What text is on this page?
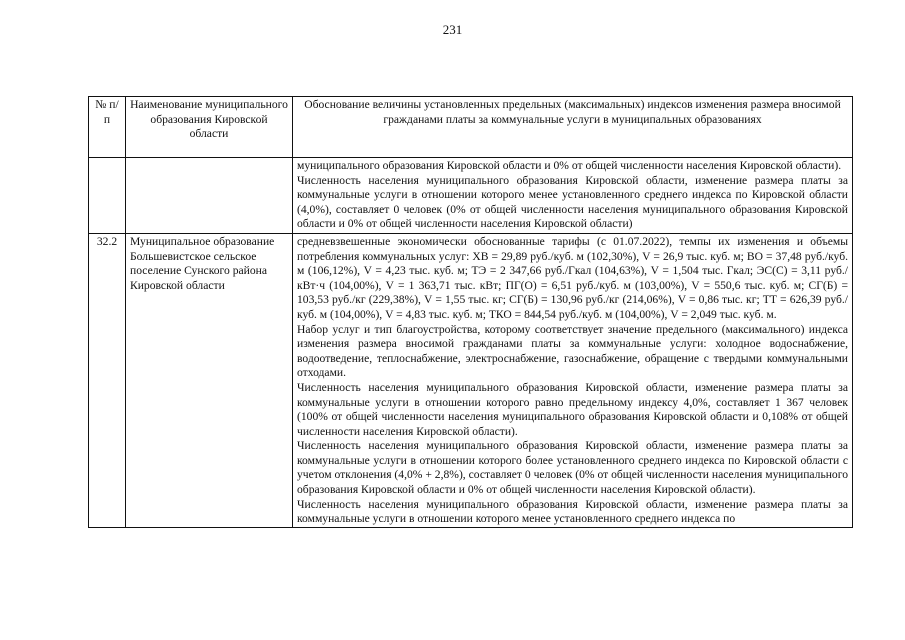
231
№ п/п	Наименование муниципального образования Кировской области	Обоснование величины установленных предельных (максимальных) индексов изменения размера вносимой гражданами платы за коммунальные услуги в муниципальных образованиях

		муниципального образования Кировской области и 0% от общей численности населения Кировской области).

Численность населения муниципального образования Кировской области, изменение размера платы за коммунальные услуги в отношении которого менее установленного среднего индекса по Кировской области (4,0%), составляет 0 человек (0% от общей численности населения муниципального образования Кировской области и 0% от общей численности населения Кировской области)

32.2	Муниципальное образование Большевистское сельское поселение Сунского района Кировской области	средневзвешенные экономически обоснованные тарифы (с 01.07.2022), темпы их изменения и объемы потребления коммунальных услуг: ХВ = 29,89 руб./куб. м (102,30%), V = 26,9 тыс. куб. м; ВО = 37,48 руб./куб. м (106,12%), V = 4,23 тыс. куб. м; ТЭ = 2 347,66 руб./Гкал (104,63%), V = 1,504 тыс. Гкал; ЭС(С) = 3,11 руб./кВт·ч (104,00%), V = 1 363,71 тыс. кВт; ПГ(О) = 6,51 руб./куб. м (103,00%), V = 550,6 тыс. куб. м; СГ(Б) = 103,53 руб./кг (229,38%), V = 1,55 тыс. кг; СГ(Б) = 130,96 руб./кг (214,06%), V = 0,86 тыс. кг; ТТ = 626,39 руб./куб. м (104,00%), V = 4,83 тыс. куб. м; ТКО = 844,54 руб./куб. м (104,00%), V = 2,049 тыс. куб. м.

Набор услуг и тип благоустройства, которому соответствует значение предельного (максимального) индекса изменения размера вносимой гражданами платы за коммунальные услуги: холодное водоснабжение, водоотведение, теплоснабжение, электроснабжение, газоснабжение, обращение с твердыми коммунальными отходами.

Численность населения муниципального образования Кировской области, изменение размера платы за коммунальные услуги в отношении которого равно предельному индексу 4,0%, составляет 1 367 человек (100% от общей численности населения муниципального образования Кировской области и 0,108% от общей численности населения Кировской области).

Численность населения муниципального образования Кировской области, изменение размера платы за коммунальные услуги в отношении которого более установленного среднего индекса по Кировской области с учетом отклонения (4,0% + 2,8%), составляет 0 человек (0% от общей численности населения муниципального образования Кировской области и 0% от общей численности населения Кировской области).

Численность населения муниципального образования Кировской области, изменение размера платы за коммунальные услуги в отношении которого менее установленного среднего индекса по
